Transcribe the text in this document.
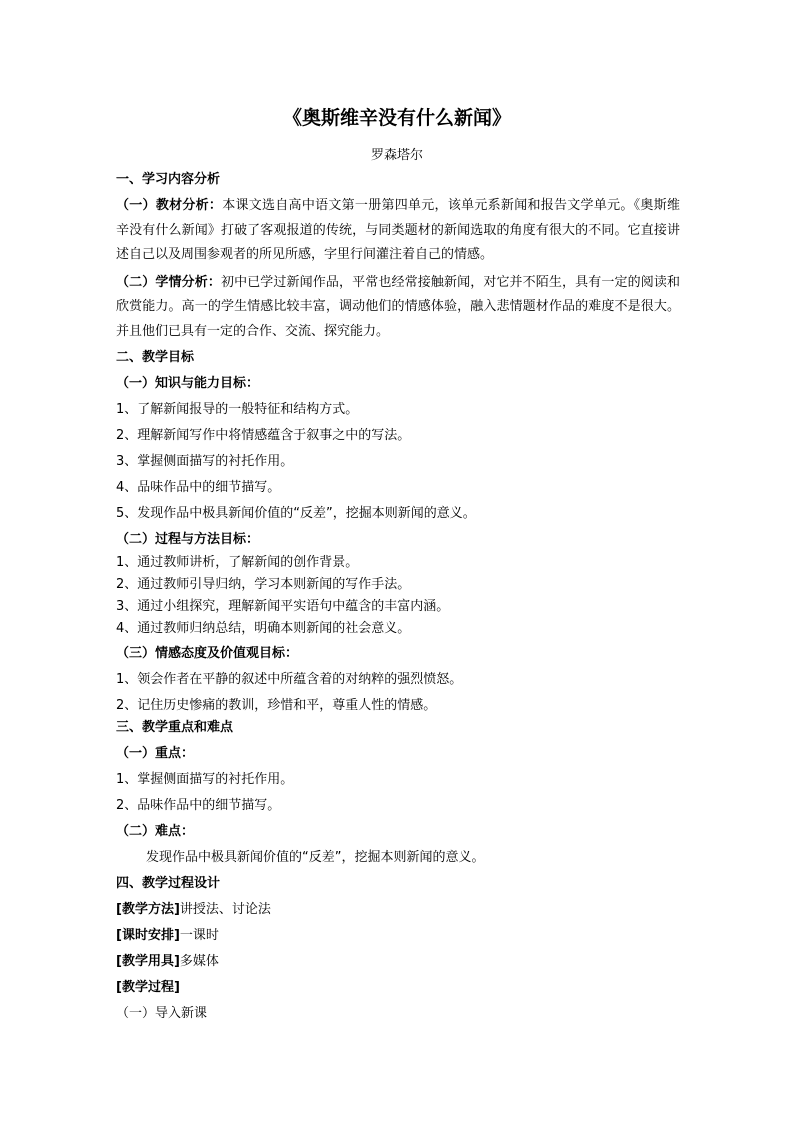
《奥斯维辛没有什么新闻》
罗森塔尔
一、学习内容分析
（一）教材分析：本课文选自高中语文第一册第四单元，该单元系新闻和报告文学单元。《奥斯维辛没有什么新闻》打破了客观报道的传统，与同类题材的新闻选取的角度有很大的不同。它直接讲述自己以及周围参观者的所见所感，字里行间灌注着自己的情感。
（二）学情分析：初中已学过新闻作品，平常也经常接触新闻，对它并不陌生，具有一定的阅读和欣赏能力。高一的学生情感比较丰富，调动他们的情感体验，融入悲情题材作品的难度不是很大。并且他们已具有一定的合作、交流、探究能力。
二、教学目标
（一）知识与能力目标：
1、了解新闻报导的一般特征和结构方式。
2、理解新闻写作中将情感蕴含于叙事之中的写法。
3、掌握侧面描写的衬托作用。
4、品味作品中的细节描写。
5、发现作品中极具新闻价值的“反差”，挖掘本则新闻的意义。
（二）过程与方法目标：
1、通过教师讲析，了解新闻的创作背景。
2、通过教师引导归纳，学习本则新闻的写作手法。
3、通过小组探究，理解新闻平实语句中蕴含的丰富内涵。
4、通过教师归纳总结，明确本则新闻的社会意义。
（三）情感态度及价值观目标：
1、领会作者在平静的叙述中所蕴含着的对纳粹的强烈愤怒。
2、记住历史惨痛的教训，珍惜和平，尊重人性的情感。
三、教学重点和难点
（一）重点：
1、掌握侧面描写的衬托作用。
2、品味作品中的细节描写。
（二）难点：
发现作品中极具新闻价值的“反差”，挖掘本则新闻的意义。
四、教学过程设计
[教学方法]讲授法、讨论法
[课时安排]一课时
[教学用具]多媒体
[教学过程]
（一）导入新课
